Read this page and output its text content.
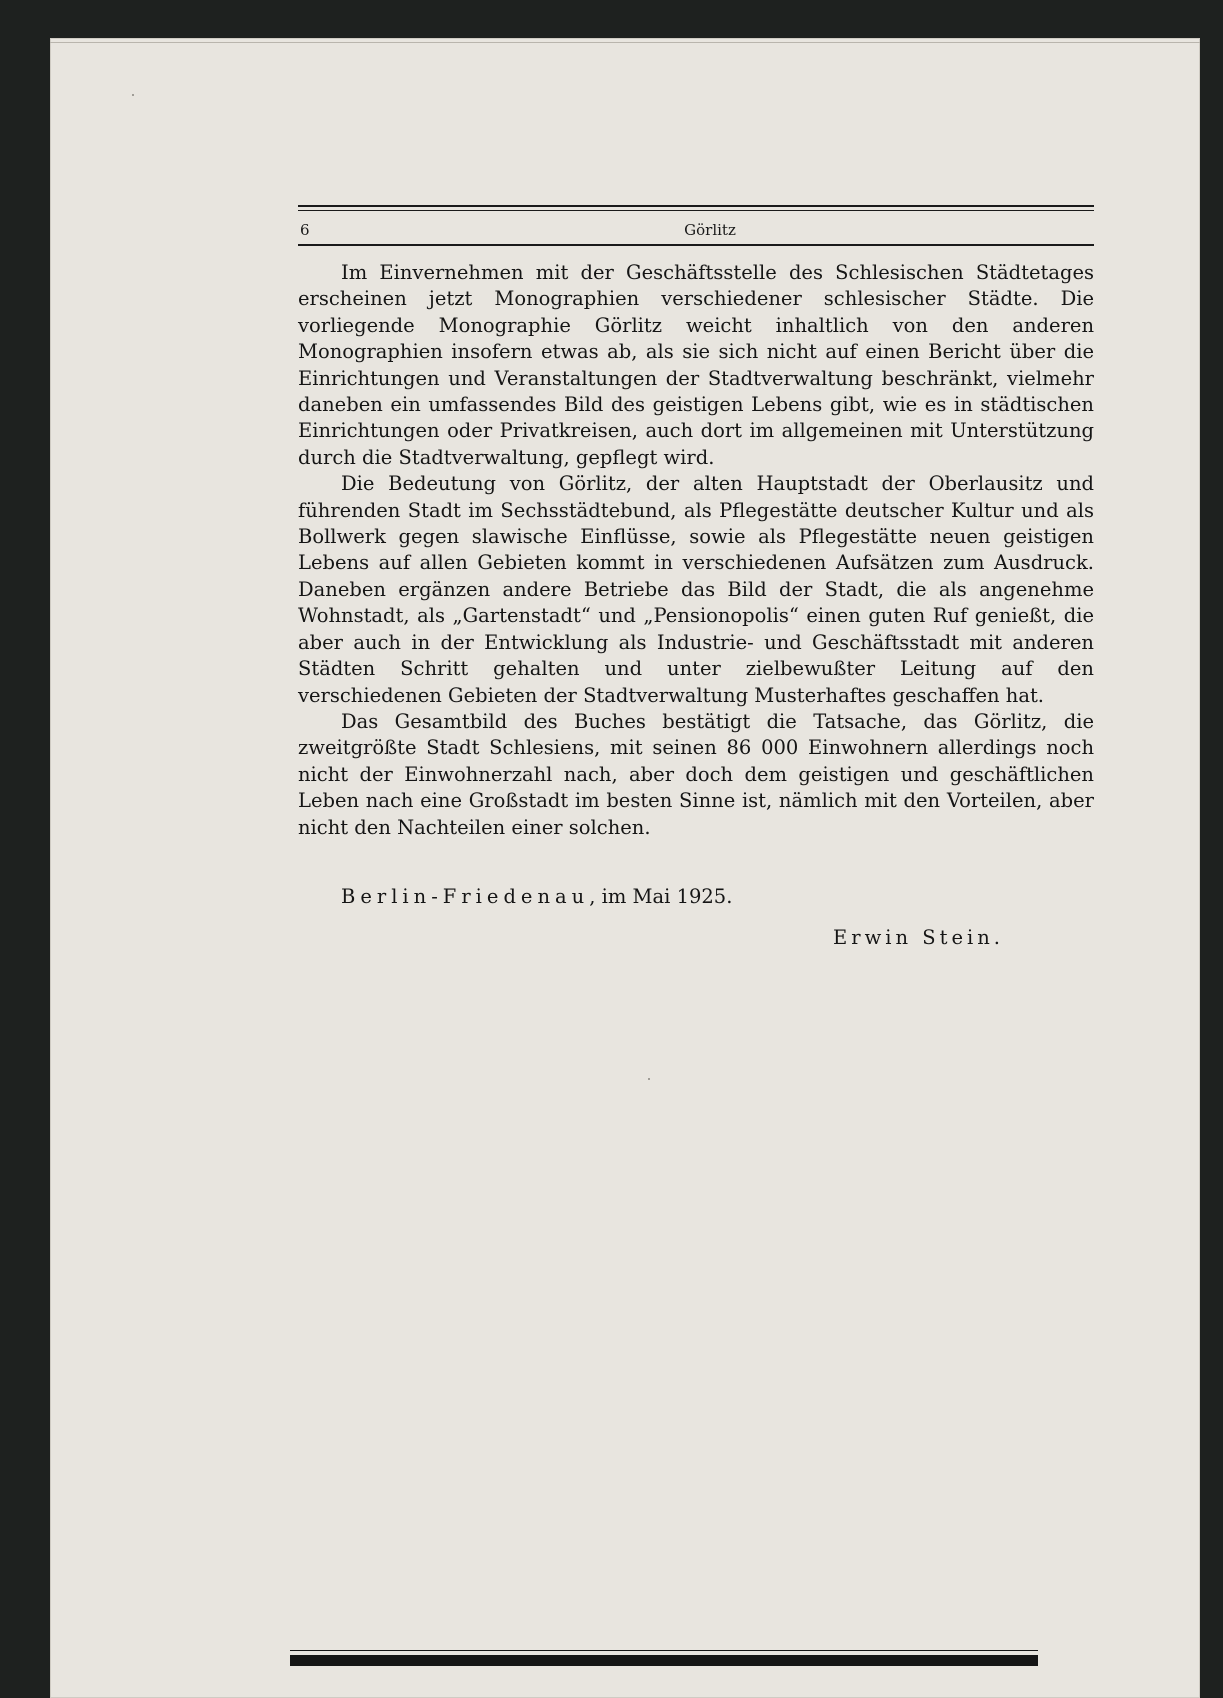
6	Görlitz

Im Einvernehmen mit der Geschäftsstelle des Schlesischen Städtetages erscheinen jetzt Monographien verschiedener schlesischer Städte. Die vorliegende Monographie Görlitz weicht inhaltlich von den anderen Monographien insofern etwas ab, als sie sich nicht auf einen Bericht über die Einrichtungen und Veranstaltungen der Stadtverwaltung beschränkt, vielmehr daneben ein umfassendes Bild des geistigen Lebens gibt, wie es in städtischen Einrichtungen oder Privatkreisen, auch dort im allgemeinen mit Unterstützung durch die Stadtverwaltung, gepflegt wird.

Die Bedeutung von Görlitz, der alten Hauptstadt der Oberlausitz und führenden Stadt im Sechsstädtebund, als Pflegestätte deutscher Kultur und als Bollwerk gegen slawische Einflüsse, sowie als Pflegestätte neuen geistigen Lebens auf allen Gebieten kommt in verschiedenen Aufsätzen zum Ausdruck. Daneben ergänzen andere Betriebe das Bild der Stadt, die als angenehme Wohnstadt, als „Gartenstadt“ und „Pensionopolis“ einen guten Ruf genießt, die aber auch in der Entwicklung als Industrie- und Geschäftsstadt mit anderen Städten Schritt gehalten und unter zielbewußter Leitung auf den verschiedenen Gebieten der Stadtverwaltung Musterhaftes geschaffen hat.

Das Gesamtbild des Buches bestätigt die Tatsache, das Görlitz, die zweitgrößte Stadt Schlesiens, mit seinen 86 000 Einwohnern allerdings noch nicht der Einwohnerzahl nach, aber doch dem geistigen und geschäftlichen Leben nach eine Großstadt im besten Sinne ist, nämlich mit den Vorteilen, aber nicht den Nachteilen einer solchen.

Berlin-Friedenau, im Mai 1925.
Erwin Stein.
